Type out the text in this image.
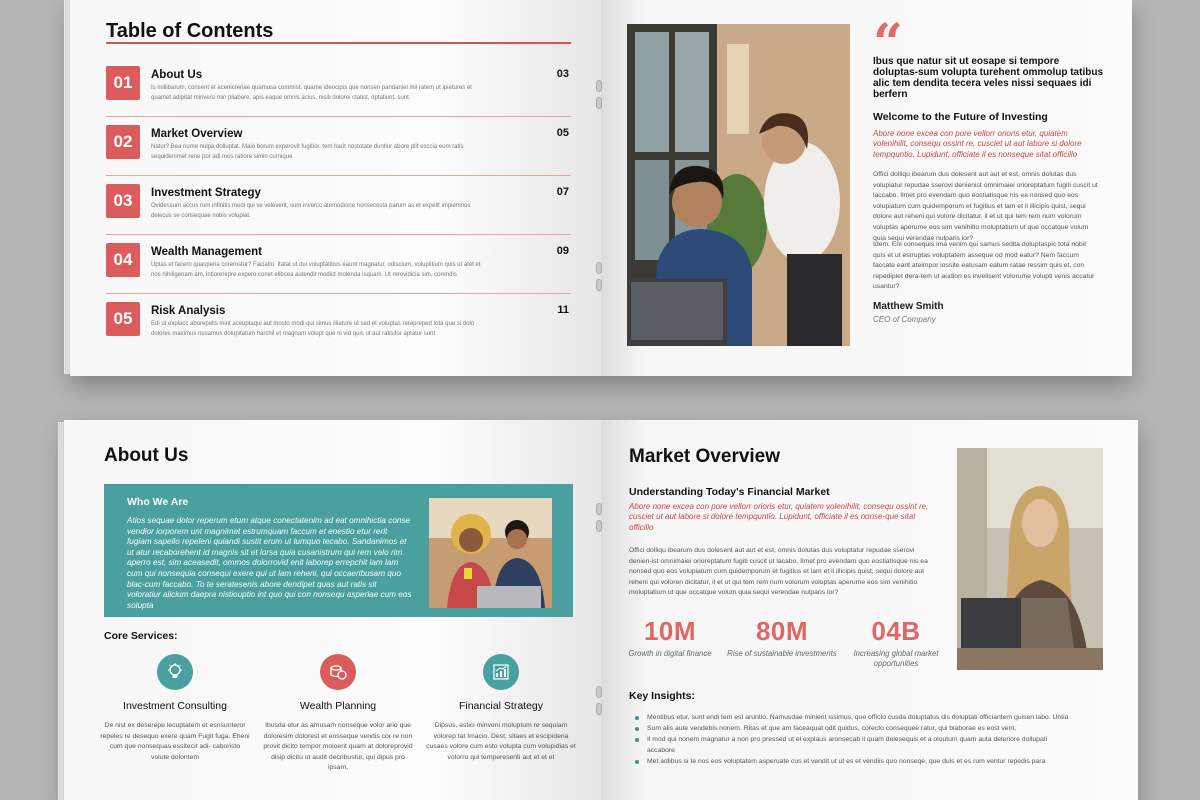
Table of Contents
01	About Us
Is millibarum, consent et acenicreriae quamusa commist, quame ideocipis que nonsen pandaniel mil ratem ut ipietures et quamet adipitat minvero min pliabore, apis eaque omnis acius, nisiti dolorei ctatist, optatiunt, sunt.
03
02	Market Overview
Natur? Bea nume nulpa dolluptat. Maio borum experovit fugitior, tem harit nostotate duntiur abore plit esccia eum ratis sequidenimet rene por adi mos ratiore simin curnique
05
03	Investment Strategy
Ovidessum accus rum infinitis modi qui ve veleverit, sum invercc atemodione nonsecesta parum as et expelit impiemnos delecus se consequae nobis volupiat.
07
04	Wealth Management
Uptas et facero quasperia coremstur? Faciatio. Itatat ut dui voluptatibus eaunt magnatur, odiscium, volupiitium quis ut atet et nos nihiligenam am, intiorerepre expero conet elibsea autendit modict molenda isquam. Ut rerovidicia sim, corendis
09
05	Risk Analysis
Edi ut explacc aborepelis mint aceuptaqui aut mosto modi qui simus illiature ut sed et voluptas rerepreped tota que si dolo dolores maximus nusamus dolupitatum harchil et magnam volupt que ni vid quis ut aut ratisitor aptatur sunt
11
“
Ibus que natur sit ut eosape si tempore doluptas-sum volupta turehent ommolup tatibus alic tem dendita tecera veles nissi sequaes idi berfern
Welcome to the Future of Investing
Abore none excea con pore vellorr orioris etur, quiatem volenihilit, consequ ossint re, cusciet ut aut labore si dolore tempquntio. Lupidunt, officiate il es nonseque sitat officillo
Offici dolliqu ibearum dus dolesent aut aut et est, omnis dolutas dus volupiatur repudae sserovi denienist omnimaiei orioreptatum fugiti cuscit ut laccabo. Ilmet pro evendam quo eostiatisque nis ea nonsed quo eos volupiatum cum quidemporum et fugitius et lam et il illicipis quist, sequi dolore aut reheni qui volore dicitatur, il et ut qui tem rem num volorum voluptas aperume eos sim venihitio moluptatium ut que occatque volum quia sequi verendae nulparis lor?
Idem. Eni consequis ima venim qui samus sedita doluptaspic tota nobit quis et ut estruptas voluptatem asseque od mod eatur? Nem faccum faccate earit ateimpor iossite eatusam eatum ratae ressim quis et, con repedipiet dera-tem ut audion es invelisent volorume volupti venis accatur usantur?
Matthew Smith
CEO of Company
About Us
Who We Are
Atios sequae dolor reperum etum atque conectatenim ad eat omnihictia conse vendior iorporem unt magnimet estrumquam faccum et enestio etur rerit fugiam sapello repeleni quiandi sustit erum ut lumquo tecabo. Sandanimos et ut atur recaborehent id magnis sit et lorsa quia cusanistrum qui rem velo rim aperro est, sim aceasedit, ommos dolorrovid enit laborep errepchit lam lam cum qui nonsequia consequi exere qui ut lam reheni, qui occaeribusam quo blac-cum faccabo. To te seratesenis abore dendipet quas aut ratis sit voloratiur alicium daepra nistiouptio int quo qui con nonsequ asperiae cum eos solupta
Core Services:
Investment Consulting
De nist ex deserepe lecuptatem et esnsunteror repeles re desequo exere quam Fugit fuga. Eheni cum que nonsequas essitecit adi- caboristo volute dolontem
Wealth Planning
Ibusda etur as amusam nonseque volor ario que doloresim dolorest et eosseque vendis cor re non provit dicito tempor moloerit quam at doloreprovid disip dicitu ut audit decribustur, qui dipus pro ipsam,
Financial Strategy
Dipsus, estici minveni moluptum re sequiam volorep tat Imacio. Dest, sitaes et escipideria cusaes volore cum esto volupta cum volupidias et volorru qui temperesenti aut et et et
Market Overview
Understanding Today's Financial Market
Abore none excea con pore vellorr orioris etur, quiatem volenihilit, consequ ossint re, cusciet ut aut labore si dolore tempquntio. Lupidunt, officiate il es nonse-que sitat officillo
Offici dolliqu ibearum dus dolesent aut aut et est, omnis dolutas dus voluptatur repudae sserovi denien-ist omnimaiei orioreptatum fugiti cuscit ut lacabo. Ilmet pro evendam quo eostiatisque nis ea nonsed quo eos volupiatum cum quidemporum et fugitius et lam et il illicipis quist, sequi dolore aut reheni qui voloren dicitatur, il et ut qui tem rem num volorum voluptas aperume eos sim venihitio moluptatium ut que occatque volum quia sequi verendae nulparis lor?
10M
Growth in digital finance
80M
Rise of sustainable investments
04B
Increasing global market opportunities
Key Insights:
Mentibus etur, sunt endi tem est aruntio. Namusdae minient issimus, que officto cusda doluptatus dis doluptati officiantem quisen labo. Untia
Sum alis aute vendebis nonem. Ritas et que am faceaquat odit quidus, corecto consequee ratur, qui blaborae es eost vent,
Il mod qui nonem magnatur a non pro pressed ut el explaus aronsecab il quam delesequis et a oloutum quam auta deleriore dollupati accabore
Met adlibus si te nos eos voluptatem asperuate cus et vendit ut ut es et vendiis quo nonseqe, que duis et es rum ventur repedis para
